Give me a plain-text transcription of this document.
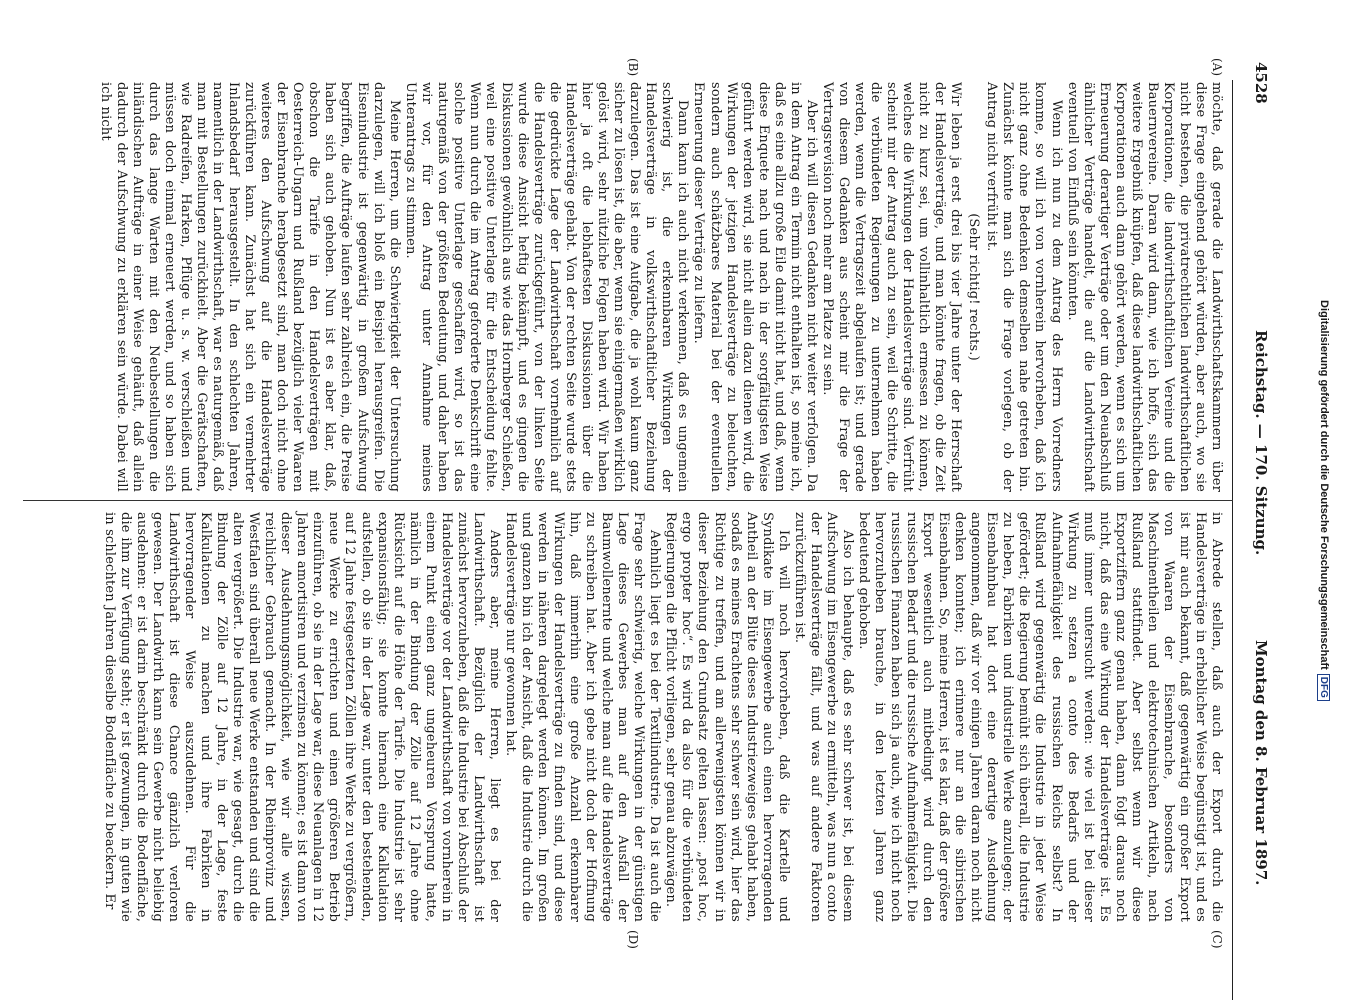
4528
Reichstag. — 170. Sitzung.
Montag den 8. Februar 1897.
(A)
(B)
(C)
(D)

möchte, daß gerade die Landwirthschaftskammern über diese Frage eingehend gehört würden, aber auch, wo sie nicht bestehen, die privatrechtlichen landwirthschaftlichen Korporationen, die landwirthschaftlichen Vereine und die Bauernvereine. Daran wird dann, wie ich hoffe, sich das weitere Ergebniß knüpfen, daß diese landwirthschaftlichen Korporationen auch dann gehört werden, wenn es sich um Erneuerung derartiger Verträge oder um den Neuabschluß ähnlicher Verträge handelt, die auf die Landwirthschaft eventuell von Einfluß sein könnten.

Wenn ich nun zu dem Antrag des Herrn Vorredners komme, so will ich von vornherein hervorheben, daß ich nicht ganz ohne Bedenken demselben nahe getreten bin. Zunächst könnte man sich die Frage vorlegen, ob der Antrag nicht verfrüht ist.

(Sehr richtig! rechts.)

Wir leben ja erst drei bis vier Jahre unter der Herrschaft der Handelsverträge, und man könnte fragen, ob die Zeit nicht zu kurz sei, um vollinhaltlich ermessen zu können, welches die Wirkungen der Handelsverträge sind. Verfrüht scheint mir der Antrag auch zu sein, weil die Schritte, die die verbündeten Regierungen zu unternehmen haben werden, wenn die Vertragszeit abgelaufen ist; und gerade von diesem Gedanken aus scheint mir die Frage der Vertragsrevision noch mehr am Platze zu sein.

Aber ich will diesen Gedanken nicht weiter verfolgen. Da in dem Antrag ein Termin nicht enthalten ist, so meine ich, daß es eine allzu große Eile damit nicht hat, und daß, wenn diese Enquete nach und nach in der sorgfältigsten Weise geführt werden wird, sie nicht allein dazu dienen wird, die Wirkungen der jetzigen Handelsverträge zu beleuchten, sondern auch schätzbares Material bei der eventuellen Erneuerung dieser Verträge zu liefern.

Dann kann ich auch nicht verkennen, daß es ungemein schwierig ist, die erkennbaren Wirkungen der Handelsverträge in volkswirthschaftlicher Beziehung darzulegen. Das ist eine Aufgabe, die ja wohl kaum ganz sicher zu lösen ist, die aber, wenn sie einigermaßen wirklich gelöst wird, sehr nützliche Folgen haben wird. Wir haben hier ja oft die lebhaftesten Diskussionen über die Handelsverträge gehabt. Von der rechten Seite wurde stets die gedrückte Lage der Landwirthschaft vornehmlich auf die Handelsverträge zurückgeführt, von der linken Seite wurde diese Ansicht heftig bekämpft, und es gingen die Diskussionen gewöhnlich aus wie das Hornberger Schießen, weil eine positive Unterlage für die Entscheidung fehlte. Wenn nun durch die im Antrag geforderte Denkschrift eine solche positive Unterlage geschaffen wird, so ist das naturgemäß von der größten Bedeutung, und daher haben wir vor, für den Antrag unter Annahme meines Unterantrags zu stimmen.

Meine Herren, um die Schwierigkeit der Untersuchung darzulegen, will ich bloß ein Beispiel herausgreifen. Die Eisenindustrie ist gegenwärtig in großem Aufschwung begriffen, die Aufträge laufen sehr zahlreich ein, die Preise haben sich auch gehoben. Nun ist es aber klar, daß, obschon die Tarife in den Handelsverträgen mit Oesterreich-Ungarn und Rußland bezüglich vieler Waaren der Eisenbranche herabgesetzt sind, man doch nicht ohne weiteres den Aufschwung auf die Handelsverträge zurückführen kann. Zunächst hat sich ein vermehrter Inlandsbedarf herausgestellt. In den schlechten Jahren, namentlich in der Landwirthschaft, war es naturgemäß, daß man mit Bestellungen zurückhielt. Aber die Gerätschaften, wie Radreifen, Harken, Pflüge u. s. w. verschleißen und müssen doch einmal erneuert werden, und so haben sich durch das lange Warten mit den Neubestellungen die inländischen Aufträge in einer Weise gehäuft, daß allein dadurch der Aufschwung zu erklären sein würde. Dabei will ich nicht

in Abrede stellen, daß auch der Export durch die Handelsverträge in erheblicher Weise begünstigt ist, und es ist mir auch bekannt, daß gegenwärtig ein großer Export von Waaren der Eisenbranche, besonders von Maschinentheilen und elektrotechnischen Artikeln, nach Rußland stattfindet. Aber selbst wenn wir diese Exportziffern ganz genau haben, dann folgt daraus noch nicht, daß das eine Wirkung der Handelsverträge ist. Es muß immer untersucht werden: wie viel ist bei dieser Wirkung zu setzen a conto des Bedarfs und der Aufnahmefähigkeit des russischen Reichs selbst? In Rußland wird gegenwärtig die Industrie in jeder Weise gefördert; die Regierung bemüht sich überall, die Industrie zu heben, Fabriken und industrielle Werke anzulegen; der Eisenbahnbau hat dort eine derartige Ausdehnung angenommen, daß wir vor einigen Jahren daran noch nicht denken konnten; ich erinnere nur an die sibirischen Eisenbahnen. So, meine Herren, ist es klar, daß der größere Export wesentlich auch mitbedingt wird durch den russischen Bedarf und die russische Aufnahmefähigkeit. Die russischen Finanzen haben sich ja auch, wie ich nicht noch hervorzuheben brauche, in den letzten Jahren ganz bedeutend gehoben.

Also ich behaupte, daß es sehr schwer ist, bei diesem Aufschwung im Eisengewerbe zu ermitteln, was nun a conto der Handelsverträge fällt, und was auf andere Faktoren zurückzuführen ist.

Ich will noch hervorheben, daß die Kartelle und Syndikate im Eisengewerbe auch einen hervorragenden Antheil an der Blüte dieses Industriezweiges gehabt haben, sodaß es meines Erachtens sehr schwer sein wird, hier das Richtige zu treffen, und am allerwenigsten können wir in dieser Beziehung den Grundsatz gelten lassen: „post hoc, ergo propter hoc“. Es wird da also für die verbündeten Regierungen die Pflicht vorliegen, sehr genau abzuwägen.

Aehnlich liegt es bei der Textilindustrie. Da ist auch die Frage sehr schwierig, welche Wirkungen in der günstigen Lage dieses Gewerbes man auf den Ausfall der Baumwollenernte und welche man auf die Handelsverträge zu schreiben hat. Aber ich gebe nicht doch der Hoffnung hin, daß immerhin eine große Anzahl erkennbarer Wirkungen der Handelsverträge zu finden sind, und diese werden in näheren dargelegt werden können. Im großen und ganzen bin ich der Ansicht, daß die Industrie durch die Handelsverträge nur gewonnen hat.

Anders aber, meine Herren, liegt es bei der Landwirthschaft. Bezüglich der Landwirthschaft ist zunächst hervorzuheben, daß die Industrie bei Abschluß der Handelsverträge vor der Landwirthschaft von vornherein in einem Punkt einen ganz ungeheuren Vorsprung hatte, nämlich in der Bindung der Zölle auf 12 Jahre ohne Rücksicht auf die Höhe der Tarife. Die Industrie ist sehr expansionsfähig; sie konnte hiernach eine Kalkulation aufstellen, ob sie in der Lage war, unter den bestehenden, auf 12 Jahre festgesetzten Zöllen ihre Werke zu vergrößern, neue Werke zu errichten und einen größeren Betrieb einzuführen, ob sie in der Lage war, diese Neuanlagen in 12 Jahren amortisiren und verzinsen zu können; es ist dann von dieser Ausdehnungsmöglichkeit, wie wir alle wissen, reichlicher Gebrauch gemacht. In der Rheinprovinz und Westfalen sind überall neue Werke entstanden und sind die alten vergrößert. Die Industrie war, wie gesagt, durch die Bindung der Zölle auf 12 Jahre, in der Lage, feste Kalkulationen zu machen und ihre Fabriken in hervorragender Weise auszudehnen. Für die Landwirthschaft ist diese Chance gänzlich verloren gewesen. Der Landwirth kann sein Gewerbe nicht beliebig ausdehnen: er ist darin beschränkt durch die Bodenfläche, die ihm zur Verfügung steht; er ist gezwungen, in guten wie in schlechten Jahren dieselbe Bodenfläche zu beackern. Er

Digitalisierung gefördert durch die Deutsche ForschungsgemeinschaftDFG
